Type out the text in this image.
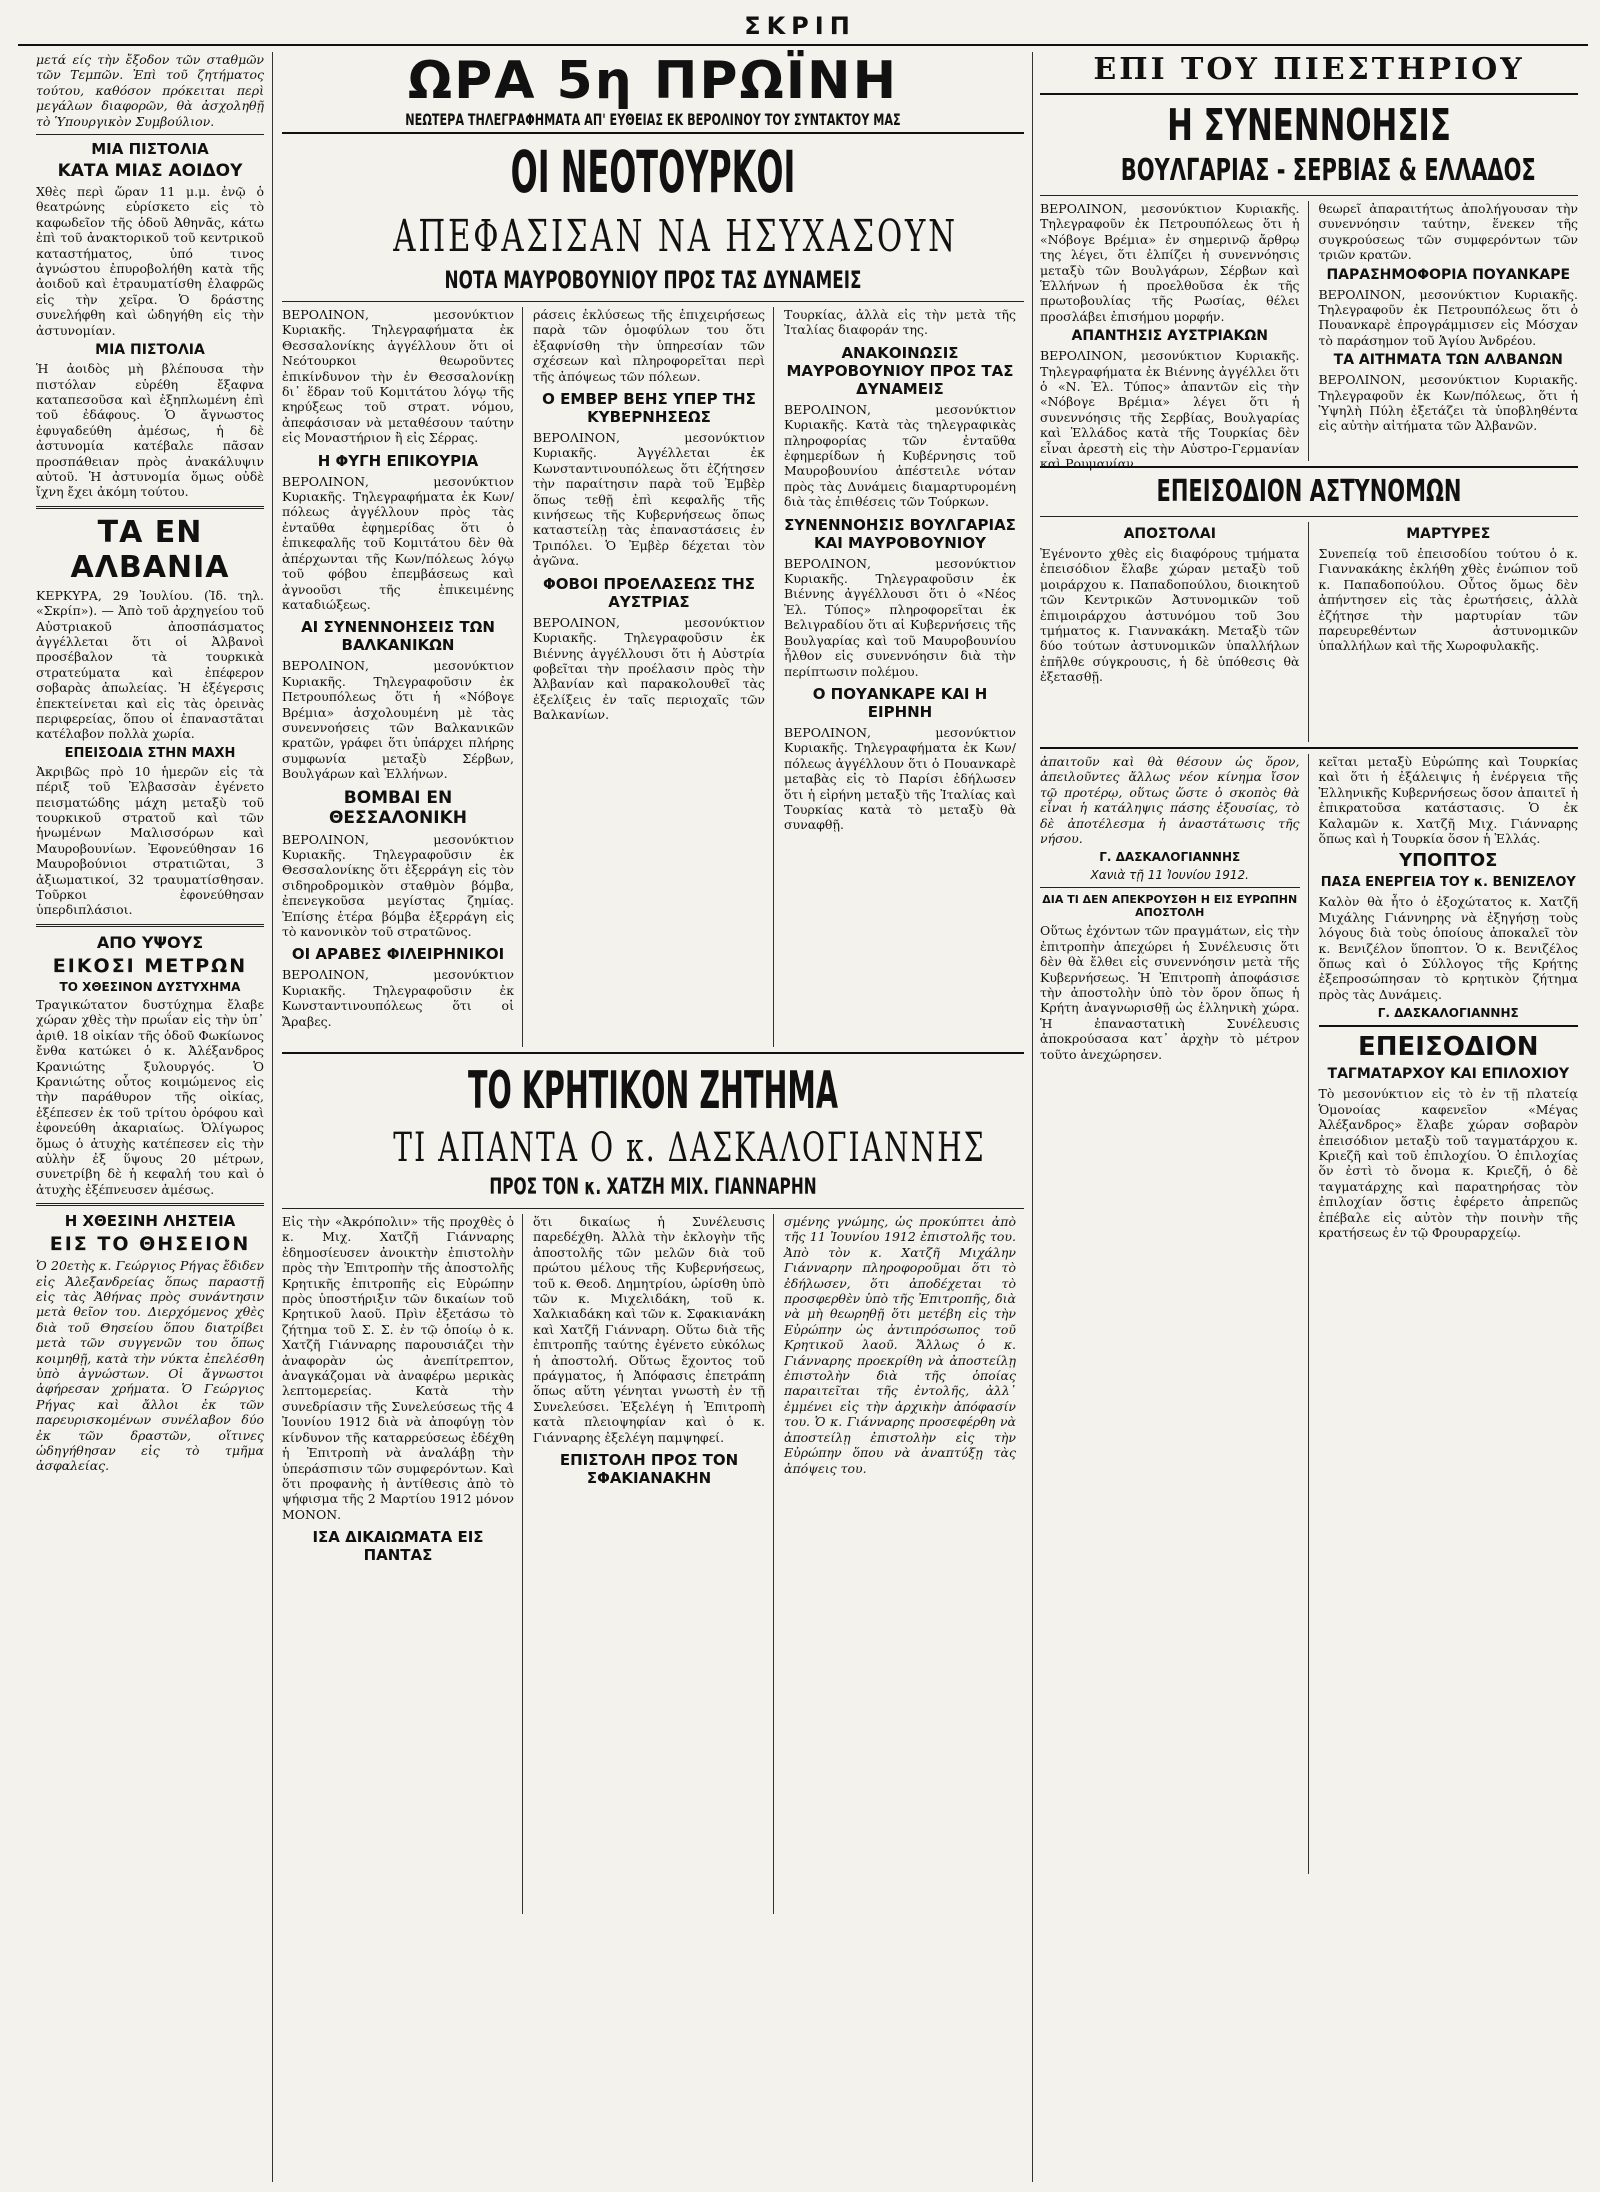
ΣΚΡΙΠ

μετά είς τὴν ἔξοδον τῶν σταθμῶν τῶν Τεμπῶν. Ἐπὶ τοῦ ζητήματος τούτου, καθόσον πρόκειται περὶ μεγάλων διαφορῶν, θὰ ἀσχοληθῇ τὸ Ὑπουργικὸν Συμβούλιον.

ΜΙΑ ΠΙΣΤΟΛΙΑ
ΚΑΤΑ ΜΙΑΣ ΑΟΙΔΟΥ

Χθὲς περὶ ὥραν 11 μ.μ. ἐνῷ ὁ θεατρώνης εὑρίσκετο εἰς τὸ καφωδεῖον τῆς ὁδοῦ Ἀθηνᾶς, κάτω ἐπὶ τοῦ ἀνακτορικοῦ τοῦ κεντρικοῦ καταστήματος, ὑπό τινος ἀγνώστου ἐπυροβολήθη κατὰ τῆς ἀοιδοῦ καὶ ἐτραυματίσθη ἐλαφρῶς εἰς τὴν χεῖρα. Ὁ δράστης συνελήφθη καὶ ὡδηγήθη εἰς τὴν ἀστυνομίαν.

ΜΙΑ ΠΙΣΤΟΛΙΑ

Ἡ ἀοιδὸς μὴ βλέπουσα τὴν πιστόλαν εὑρέθη ἔξαφνα καταπεσοῦσα καὶ ἐξηπλωμένη ἐπὶ τοῦ ἐδάφους. Ὁ ἄγνωστος ἐφυγαδεύθη ἀμέσως, ἡ δὲ ἀστυνομία κατέβαλε πᾶσαν προσπάθειαν πρὸς ἀνακάλυψιν αὐτοῦ. Ἡ ἀστυνομία ὅμως οὐδὲ ἴχνη ἔχει ἀκόμη τούτου.

ΤΑ ΕΝ ΑΛΒΑΝΙΑ

ΚΕΡΚΥΡΑ, 29 Ἰουλίου. (Ἰδ. τηλ. «Σκρίπ»). — Ἀπὸ τοῦ ἀρχηγείου τοῦ Αὐστριακοῦ ἀποσπάσματος ἀγγέλλεται ὅτι οἱ Ἀλβανοὶ προσέβαλον τὰ τουρκικὰ στρατεύματα καὶ ἐπέφερον σοβαρὰς ἀπωλείας. Ἡ ἐξέγερσις ἐπεκτείνεται καὶ εἰς τὰς ὀρεινὰς περιφερείας, ὅπου οἱ ἐπαναστᾶται κατέλαβον πολλὰ χωρία.

ΕΠΕΙΣΟΔΙΑ ΣΤΗΝ ΜΑΧΗ

Ἀκριβῶς πρὸ 10 ἡμερῶν εἰς τὰ πέριξ τοῦ Ἐλβασσὰν ἐγένετο πεισματώδης μάχη μεταξὺ τοῦ τουρκικοῦ στρατοῦ καὶ τῶν ἡνωμένων Μαλισσόρων καὶ Μαυροβουνίων. Ἐφονεύθησαν 16 Μαυροβούνιοι στρατιῶται, 3 ἀξιωματικοί, 32 τραυματίσθησαν. Τοῦρκοι ἐφονεύθησαν ὑπερδιπλάσιοι.

ΑΠΟ ΥΨΟΥΣ
ΕΙΚΟΣΙ ΜΕΤΡΩΝ
ΤΟ ΧΘΕΣΙΝΟΝ ΔΥΣΤΥΧΗΜΑ

Τραγικώτατον δυστύχημα ἔλαβε χώραν χθὲς τὴν πρωΐαν εἰς τὴν ὑπ᾽ ἀριθ. 18 οἰκίαν τῆς ὁδοῦ Φωκίωνος ἔνθα κατώκει ὁ κ. Ἀλέξανδρος Κρανιώτης ξυλουργός. Ὁ Κρανιώτης οὗτος κοιμώμενος εἰς τὴν παράθυρον τῆς οἰκίας, ἐξέπεσεν ἐκ τοῦ τρίτου ὀρόφου καὶ ἐφονεύθη ἀκαριαίως. Ὀλίγωρος ὅμως ὁ ἀτυχὴς κατέπεσεν εἰς τὴν αὐλὴν ἐξ ὕψους 20 μέτρων, συνετρίβη δὲ ἡ κεφαλή του καὶ ὁ ἀτυχὴς ἐξέπνευσεν ἀμέσως.

Η ΧΘΕΣΙΝΗ ΛΗΣΤΕΙΑ
ΕΙΣ ΤΟ ΘΗΣΕΙΟΝ

Ὁ 20ετὴς κ. Γεώργιος Ρήγας ἔδιδεν εἰς Ἀλεξανδρείας ὅπως παραστῇ εἰς τὰς Ἀθήνας πρὸς συνάντησιν μετὰ θεῖον του. Διερχόμενος χθὲς διὰ τοῦ Θησείου ὅπου διατρίβει μετὰ τῶν συγγενῶν του ὅπως κοιμηθῇ, κατὰ τὴν νύκτα ἐπελέσθη ὑπὸ ἀγνώστων. Οἱ ἄγνωστοι ἀφήρεσαν χρήματα. Ὁ Γεώργιος Ρήγας καὶ ἄλλοι ἐκ τῶν παρευρισκομένων συνέλαβον δύο ἐκ τῶν δραστῶν, οἵτινες ὡδηγήθησαν εἰς τὸ τμῆμα ἀσφαλείας.

ΩΡΑ 5η ΠΡΩΪΝΗ
ΝΕΩΤΕΡΑ ΤΗΛΕΓΡΑΦΗΜΑΤΑ ΑΠ' ΕΥΘΕΙΑΣ ΕΚ ΒΕΡΟΛΙΝΟΥ ΤΟΥ ΣΥΝΤΑΚΤΟΥ ΜΑΣ
ΟΙ ΝΕΟΤΟΥΡΚΟΙ
ΑΠΕΦΑΣΙΣΑΝ ΝΑ ΗΣΥΧΑΣΟΥΝ
ΝΟΤΑ ΜΑΥΡΟΒΟΥΝΙΟΥ ΠΡΟΣ ΤΑΣ ΔΥΝΑΜΕΙΣ

ΒΕΡΟΛΙΝΟΝ, μεσονύκτιον Κυριακῆς. Τηλεγραφήματα ἐκ Θεσσαλονίκης ἀγγέλλουν ὅτι οἱ Νεότουρκοι θεωροῦντες ἐπικίνδυνον τὴν ἐν Θεσσαλονίκῃ δι᾽ ἕδραν τοῦ Κομιτάτου λόγῳ τῆς κηρύξεως τοῦ στρατ. νόμου, ἀπεφάσισαν νὰ μεταθέσουν ταύτην εἰς Μοναστήριον ἢ εἰς Σέρρας.

Η ΦΥΓΗ ΕΠΙΚΟΥΡΙΑ

ΒΕΡΟΛΙΝΟΝ, μεσονύκτιον Κυριακῆς. Τηλεγραφήματα ἐκ Κων/πόλεως ἀγγέλλουν πρὸς τὰς ἐνταῦθα ἐφημερίδας ὅτι ὁ ἐπικεφαλῆς τοῦ Κομιτάτου δὲν θὰ ἀπέρχωνται τῆς Κων/πόλεως λόγῳ τοῦ φόβου ἐπεμβάσεως καὶ ἀγνοοῦσι τῆς ἐπικειμένης καταδιώξεως.

ΑΙ ΣΥΝΕΝΝΟΗΣΕΙΣ ΤΩΝ ΒΑΛΚΑΝΙΚΩΝ

ΒΕΡΟΛΙΝΟΝ, μεσονύκτιον Κυριακῆς. Τηλεγραφοῦσιν ἐκ Πετρουπόλεως ὅτι ἡ «Νόβογε Βρέμια» ἀσχολουμένη μὲ τὰς συνεννοήσεις τῶν Βαλκανικῶν κρατῶν, γράφει ὅτι ὑπάρχει πλήρης συμφωνία μεταξὺ Σέρβων, Βουλγάρων καὶ Ἑλλήνων.

ΒΟΜΒΑΙ ΕΝ ΘΕΣΣΑΛΟΝΙΚΗ

ΒΕΡΟΛΙΝΟΝ, μεσονύκτιον Κυριακῆς. Τηλεγραφοῦσιν ἐκ Θεσσαλονίκης ὅτι ἐξερράγη εἰς τὸν σιδηροδρομικὸν σταθμὸν βόμβα, ἐπενεγκοῦσα μεγίστας ζημίας. Ἐπίσης ἑτέρα βόμβα ἐξερράγη εἰς τὸ κανονικὸν τοῦ στρατῶνος.

ΟΙ ΑΡΑΒΕΣ ΦΙΛΕΙΡΗΝΙΚΟΙ

ΒΕΡΟΛΙΝΟΝ, μεσονύκτιον Κυριακῆς. Τηλεγραφοῦσιν ἐκ Κωνσταντινουπόλεως ὅτι οἱ Ἄραβες.

ράσεις ἐκλύσεως τῆς ἐπιχειρήσεως παρὰ τῶν ὁμοφύλων του ὅτι ἐξαφνίσθη τὴν ὑπηρεσίαν τῶν σχέσεων καὶ πληροφορεῖται περὶ τῆς ἀπόψεως τῶν πόλεων.

Ο ΕΜΒΕΡ ΒΕΗΣ ΥΠΕΡ ΤΗΣ ΚΥΒΕΡΝΗΣΕΩΣ

ΒΕΡΟΛΙΝΟΝ, μεσονύκτιον Κυριακῆς. Ἀγγέλλεται ἐκ Κωνσταντινουπόλεως ὅτι ἐζήτησεν τὴν παραίτησιν παρὰ τοῦ Ἐμβὲρ ὅπως τεθῇ ἐπὶ κεφαλῆς τῆς κινήσεως τῆς Κυβερνήσεως ὅπως καταστείλῃ τὰς ἐπαναστάσεις ἐν Τριπόλει. Ὁ Ἐμβὲρ δέχεται τὸν ἀγῶνα.

ΦΟΒΟΙ ΠΡΟΕΛΑΣΕΩΣ ΤΗΣ ΑΥΣΤΡΙΑΣ

ΒΕΡΟΛΙΝΟΝ, μεσονύκτιον Κυριακῆς. Τηλεγραφοῦσιν ἐκ Βιέννης ἀγγέλλουσι ὅτι ἡ Αὐστρία φοβεῖται τὴν προέλασιν πρὸς τὴν Ἀλβανίαν καὶ παρακολουθεῖ τὰς ἐξελίξεις ἐν ταῖς περιοχαῖς τῶν Βαλκανίων.

Τουρκίας, ἀλλὰ εἰς τὴν μετὰ τῆς Ἰταλίας διαφοράν της.

ΑΝΑΚΟΙΝΩΣΙΣ ΜΑΥΡΟΒΟΥΝΙΟΥ ΠΡΟΣ ΤΑΣ ΔΥΝΑΜΕΙΣ

ΒΕΡΟΛΙΝΟΝ, μεσονύκτιον Κυριακῆς. Κατὰ τὰς τηλεγραφικὰς πληροφορίας τῶν ἐνταῦθα ἐφημερίδων ἡ Κυβέρνησις τοῦ Μαυροβουνίου ἀπέστειλε νόταν πρὸς τὰς Δυνάμεις διαμαρτυρομένη διὰ τὰς ἐπιθέσεις τῶν Τούρκων.

ΣΥΝΕΝΝΟΗΣΙΣ ΒΟΥΛΓΑΡΙΑΣ ΚΑΙ ΜΑΥΡΟΒΟΥΝΙΟΥ

ΒΕΡΟΛΙΝΟΝ, μεσονύκτιον Κυριακῆς. Τηλεγραφοῦσιν ἐκ Βιέννης ἀγγέλλουσι ὅτι ὁ «Νέος Ἐλ. Τύπος» πληροφορεῖται ἐκ Βελιγραδίου ὅτι αἱ Κυβερνήσεις τῆς Βουλγαρίας καὶ τοῦ Μαυροβουνίου ἦλθον εἰς συνεννόησιν διὰ τὴν περίπτωσιν πολέμου.

Ο ΠΟΥΑΝΚΑΡΕ ΚΑΙ Η ΕΙΡΗΝΗ

ΒΕΡΟΛΙΝΟΝ, μεσονύκτιον Κυριακῆς. Τηλεγραφήματα ἐκ Κων/πόλεως ἀγγέλλουν ὅτι ὁ Πουανκαρὲ μεταβὰς εἰς τὸ Παρίσι ἐδήλωσεν ὅτι ἡ εἰρήνη μεταξὺ τῆς Ἰταλίας καὶ Τουρκίας κατὰ τὸ μεταξὺ θὰ συναφθῇ.

ΤΟ ΚΡΗΤΙΚΟΝ ΖΗΤΗΜΑ
ΤΙ ΑΠΑΝΤΑ Ο κ. ΔΑΣΚΑΛΟΓΙΑΝΝΗΣ
ΠΡΟΣ ΤΟΝ κ. ΧΑΤΖΗ ΜΙΧ. ΓΙΑΝΝΑΡΗΝ

Εἰς τὴν «Ἀκρόπολιν» τῆς προχθὲς ὁ κ. Μιχ. Χατζῆ Γιάνναρης ἐδημοσίευσεν ἀνοικτὴν ἐπιστολὴν πρὸς τὴν Ἐπιτροπὴν τῆς ἀποστολῆς Κρητικῆς ἐπιτροπῆς εἰς Εὐρώπην πρὸς ὑποστήριξιν τῶν δικαίων τοῦ Κρητικοῦ λαοῦ. Πρὶν ἐξετάσω τὸ ζήτημα τοῦ Σ. Σ. ἐν τῷ ὁποίῳ ὁ κ. Χατζῆ Γιάνναρης παρουσιάζει τὴν ἀναφορὰν ὡς ἀνεπίτρεπτον, ἀναγκάζομαι νὰ ἀναφέρω μερικὰς λεπτομερείας. Κατὰ τὴν συνεδρίασιν τῆς Συνελεύσεως τῆς 4 Ἰουνίου 1912 διὰ νὰ ἀποφύγῃ τὸν κίνδυνον τῆς καταρρεύσεως ἐδέχθη ἡ Ἐπιτροπὴ νὰ ἀναλάβῃ τὴν ὑπεράσπισιν τῶν συμφερόντων. Καὶ ὅτι προφανὴς ἡ ἀντίθεσις ἀπὸ τὸ ψήφισμα τῆς 2 Μαρτίου 1912 μόνον ΜΟΝΟΝ.

ΙΣΑ ΔΙΚΑΙΩΜΑΤΑ ΕΙΣ ΠΑΝΤΑΣ

ὅτι δικαίως ἡ Συνέλευσις παρεδέχθη. Ἀλλὰ τὴν ἐκλογὴν τῆς ἀποστολῆς τῶν μελῶν διὰ τοῦ πρώτου μέλους τῆς Κυβερνήσεως, τοῦ κ. Θεοδ. Δημητρίου, ὡρίσθη ὑπὸ τῶν κ. Μιχελιδάκη, τοῦ κ. Χαλκιαδάκη καὶ τῶν κ. Σφακιανάκη καὶ Χατζῆ Γιάνναρη. Οὕτω διὰ τῆς ἐπιτροπῆς ταύτης ἐγένετο εὐκόλως ἡ ἀποστολή. Οὕτως ἔχοντος τοῦ πράγματος, ἡ Ἀπόφασις ἐπετράπη ὅπως αὕτη γένηται γνωστὴ ἐν τῇ Συνελεύσει. Ἐξελέγη ἡ Ἐπιτροπὴ κατὰ πλειοψηφίαν καὶ ὁ κ. Γιάνναρης ἐξελέγη παμψηφεί.

ΕΠΙΣΤΟΛΗ ΠΡΟΣ ΤΟΝ ΣΦΑΚΙΑΝΑΚΗΝ

σμένης γνώμης, ὡς προκύπτει ἀπὸ τῆς 11 Ἰουνίου 1912 ἐπιστολῆς του. Ἀπὸ τὸν κ. Χατζῆ Μιχάλην Γιάνναρην πληροφοροῦμαι ὅτι τὸ ἐδήλωσεν, ὅτι ἀποδέχεται τὸ προσφερθὲν ὑπὸ τῆς Ἐπιτροπῆς, διὰ νὰ μὴ θεωρηθῇ ὅτι μετέβη εἰς τὴν Εὐρώπην ὡς ἀντιπρόσωπος τοῦ Κρητικοῦ λαοῦ. Ἄλλως ὁ κ. Γιάνναρης προεκρίθη νὰ ἀποστείλῃ ἐπιστολὴν διὰ τῆς ὁποίας παραιτεῖται τῆς ἐντολῆς, ἀλλ᾽ ἐμμένει εἰς τὴν ἀρχικὴν ἀπόφασίν του. Ὁ κ. Γιάνναρης προσεφέρθη νὰ ἀποστείλῃ ἐπιστολὴν εἰς τὴν Εὐρώπην ὅπου νὰ ἀναπτύξῃ τὰς ἀπόψεις του.

ΕΠΙ ΤΟΥ ΠΙΕΣΤΗΡΙΟΥ
Η ΣΥΝΕΝΝΟΗΣΙΣ
ΒΟΥΛΓΑΡΙΑΣ - ΣΕΡΒΙΑΣ & ΕΛΛΑΔΟΣ

ΒΕΡΟΛΙΝΟΝ, μεσονύκτιον Κυριακῆς. Τηλεγραφοῦν ἐκ Πετρουπόλεως ὅτι ἡ «Νόβογε Βρέμια» ἐν σημερινῷ ἄρθρῳ της λέγει, ὅτι ἐλπίζει ἡ συνεννόησις μεταξὺ τῶν Βουλγάρων, Σέρβων καὶ Ἑλλήνων ἡ προελθοῦσα ἐκ τῆς πρωτοβουλίας τῆς Ρωσίας, θέλει προσλάβει ἐπισήμου μορφήν.

ΑΠΑΝΤΗΣΙΣ ΑΥΣΤΡΙΑΚΩΝ

ΒΕΡΟΛΙΝΟΝ, μεσονύκτιον Κυριακῆς. Τηλεγραφήματα ἐκ Βιέννης ἀγγέλλει ὅτι ὁ «Ν. Ἐλ. Τύπος» ἀπαντῶν εἰς τὴν «Νόβογε Βρέμια» λέγει ὅτι ἡ συνεννόησις τῆς Σερβίας, Βουλγαρίας καὶ Ἑλλάδος κατὰ τῆς Τουρκίας δὲν εἶναι ἀρεστὴ εἰς τὴν Αὐστρο-Γερμανίαν καὶ Ρουμανίαν.

θεωρεῖ ἀπαραιτήτως ἀπολήγουσαν τὴν συνεννόησιν ταύτην, ἕνεκεν τῆς συγκρούσεως τῶν συμφερόντων τῶν τριῶν κρατῶν.

ΠΑΡΑΣΗΜΟΦΟΡΙΑ ΠΟΥΑΝΚΑΡΕ

ΒΕΡΟΛΙΝΟΝ, μεσονύκτιον Κυριακῆς. Τηλεγραφοῦν ἐκ Πετρουπόλεως ὅτι ὁ Πουανκαρὲ ἐπρογράμμισεν εἰς Μόσχαν τὸ παράσημον τοῦ Ἁγίου Ἀνδρέου.

ΤΑ ΑΙΤΗΜΑΤΑ ΤΩΝ ΑΛΒΑΝΩΝ

ΒΕΡΟΛΙΝΟΝ, μεσονύκτιον Κυριακῆς. Τηλεγραφοῦν ἐκ Κων/πόλεως, ὅτι ἡ Ὑψηλὴ Πύλη ἐξετάζει τὰ ὑποβληθέντα εἰς αὐτὴν αἰτήματα τῶν Ἀλβανῶν.

ΕΠΕΙΣΟΔΙΟΝ ΑΣΤΥΝΟΜΩΝ
ΑΠΟΣΤΟΛΑΙ

Ἐγένοντο χθὲς εἰς διαφόρους τμήματα ἐπεισόδιον ἔλαβε χώραν μεταξὺ τοῦ μοιράρχου κ. Παπαδοπούλου, διοικητοῦ τῶν Κεντρικῶν Ἀστυνομικῶν τοῦ ἐπιμοιράρχου ἀστυνόμου τοῦ 3ου τμήματος κ. Γιαννακάκη. Μεταξὺ τῶν δύο τούτων ἀστυνομικῶν ὑπαλλήλων ἐπῆλθε σύγκρουσις, ἡ δὲ ὑπόθεσις θὰ ἐξετασθῇ.

ΜΑΡΤΥΡΕΣ

Συνεπείᾳ τοῦ ἐπεισοδίου τούτου ὁ κ. Γιαννακάκης ἐκλήθη χθὲς ἐνώπιον τοῦ κ. Παπαδοπούλου. Οὗτος ὅμως δὲν ἀπήντησεν εἰς τὰς ἐρωτήσεις, ἀλλὰ ἐζήτησε τὴν μαρτυρίαν τῶν παρευρεθέντων ἀστυνομικῶν ὑπαλλήλων καὶ τῆς Χωροφυλακῆς.

ἀπαιτοῦν καὶ θὰ θέσουν ὡς ὅρον, ἀπειλοῦντες ἄλλως νέον κίνημα ἴσον τῷ προτέρῳ, οὕτως ὥστε ὁ σκοπὸς θὰ εἶναι ἡ κατάληψις πάσης ἐξουσίας, τὸ δὲ ἀποτέλεσμα ἡ ἀναστάτωσις τῆς νήσου.

Γ. ΔΑΣΚΑΛΟΓΙΑΝΝΗΣ
Χανιὰ τῇ 11 Ἰουνίου 1912.
ΔΙΑ ΤΙ ΔΕΝ ΑΠΕΚΡΟΥΣΘΗ Η ΕΙΣ ΕΥΡΩΠΗΝ ΑΠΟΣΤΟΛΗ

Οὕτως ἐχόντων τῶν πραγμάτων, εἰς τὴν ἐπιτροπὴν ἀπεχώρει ἡ Συνέλευσις ὅτι δὲν θὰ ἔλθει εἰς συνεννόησιν μετὰ τῆς Κυβερνήσεως. Ἡ Ἐπιτροπὴ ἀποφάσισε τὴν ἀποστολὴν ὑπὸ τὸν ὅρον ὅπως ἡ Κρήτη ἀναγνωρισθῇ ὡς ἑλληνικὴ χώρα. Ἡ ἐπαναστατικὴ Συνέλευσις ἀποκρούσασα κατ᾽ ἀρχὴν τὸ μέτρον τοῦτο ἀνεχώρησεν.

κεῖται μεταξὺ Εὐρώπης καὶ Τουρκίας καὶ ὅτι ἡ ἐξάλειψις ἡ ἐνέργεια τῆς Ἑλληνικῆς Κυβερνήσεως ὅσον ἀπαιτεῖ ἡ ἐπικρατοῦσα κατάστασις. Ὁ ἐκ Καλαμῶν κ. Χατζῆ Μιχ. Γιάνναρης ὅπως καὶ ἡ Τουρκία ὅσον ἡ Ἑλλάς.

ΥΠΟΠΤΟΣ
ΠΑΣΑ ΕΝΕΡΓΕΙΑ ΤΟΥ κ. ΒΕΝΙΖΕΛΟΥ

Καλὸν θὰ ἦτο ὁ ἐξοχώτατος κ. Χατζῆ Μιχάλης Γιάννηρης νὰ ἐξηγήσῃ τοὺς λόγους διὰ τοὺς ὁποίους ἀποκαλεῖ τὸν κ. Βενιζέλον ὕποπτον. Ὁ κ. Βενιζέλος ὅπως καὶ ὁ Σύλλογος τῆς Κρήτης ἐξεπροσώπησαν τὸ κρητικὸν ζήτημα πρὸς τὰς Δυνάμεις.

Γ. ΔΑΣΚΑΛΟΓΙΑΝΝΗΣ
ΕΠΕΙΣΟΔΙΟΝ
ΤΑΓΜΑΤΑΡΧΟΥ ΚΑΙ ΕΠΙΛΟΧΙΟΥ

Τὸ μεσονύκτιον εἰς τὸ ἐν τῇ πλατείᾳ Ὁμονοίας καφενεῖον «Μέγας Ἀλέξανδρος» ἔλαβε χώραν σοβαρὸν ἐπεισόδιον μεταξὺ τοῦ ταγματάρχου κ. Κριεζῆ καὶ τοῦ ἐπιλοχίου. Ὁ ἐπιλοχίας ὅν ἐστὶ τὸ ὄνομα κ. Κριεζῆ, ὁ δὲ ταγματάρχης καὶ παρατηρήσας τὸν ἐπιλοχίαν ὅστις ἐφέρετο ἀπρεπῶς ἐπέβαλε εἰς αὐτὸν τὴν ποινὴν τῆς κρατήσεως ἐν τῷ Φρουραρχείῳ.
